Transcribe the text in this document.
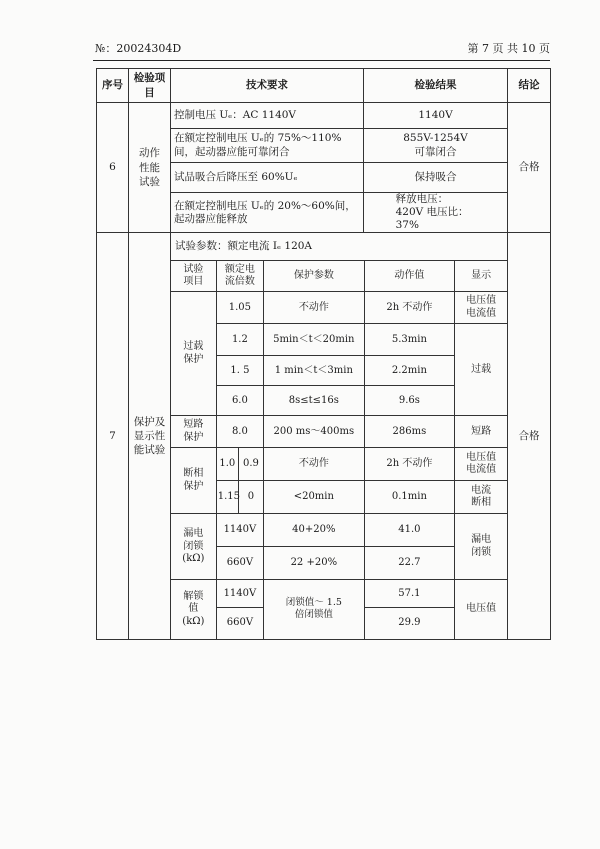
№：20024304D	第 7 页 共 10 页
序号	检验项目	技术要求	检验结果	结论
6	动作性能试验	控制电压 Uₑ：AC 1140V	1140V	合格
在额定控制电压 Uₑ的 75%～110%间，起动器应能可靠闭合	855V-1254V 可靠闭合
试品吸合后降压至 60%Uₑ	保持吸合
在额定控制电压 Uₑ的 20%～60%间，起动器应能释放	释放电压：420V 电压比：37%
7	保护及显示性能试验	
试验参数：额定电流 Iₑ 120A
试验项目	额定电流倍数	保护参数	动作值	显示
过载保护	1.05	不动作	2h 不动作	电压值 电流值
1.2	5min＜t＜20min	5.3min	过载
1. 5	1 min＜t＜3min	2.2min
6.0	8s≤t≤16s	9.6s
短路保护	8.0	200 ms～400ms	286ms	短路
断相保护	1.0	0.9	不动作	2h 不动作	电压值 电流值
1.15	0	<20min	0.1min	电流断相
漏电闭锁 (kΩ)	1140V	40+20%	41.0	漏电闭锁
660V	22 +20%	22.7
解锁值 (kΩ)	1140V	闭锁值～ 1.5 倍闭锁值	57.1	电压值
660V	29.9
	合格
